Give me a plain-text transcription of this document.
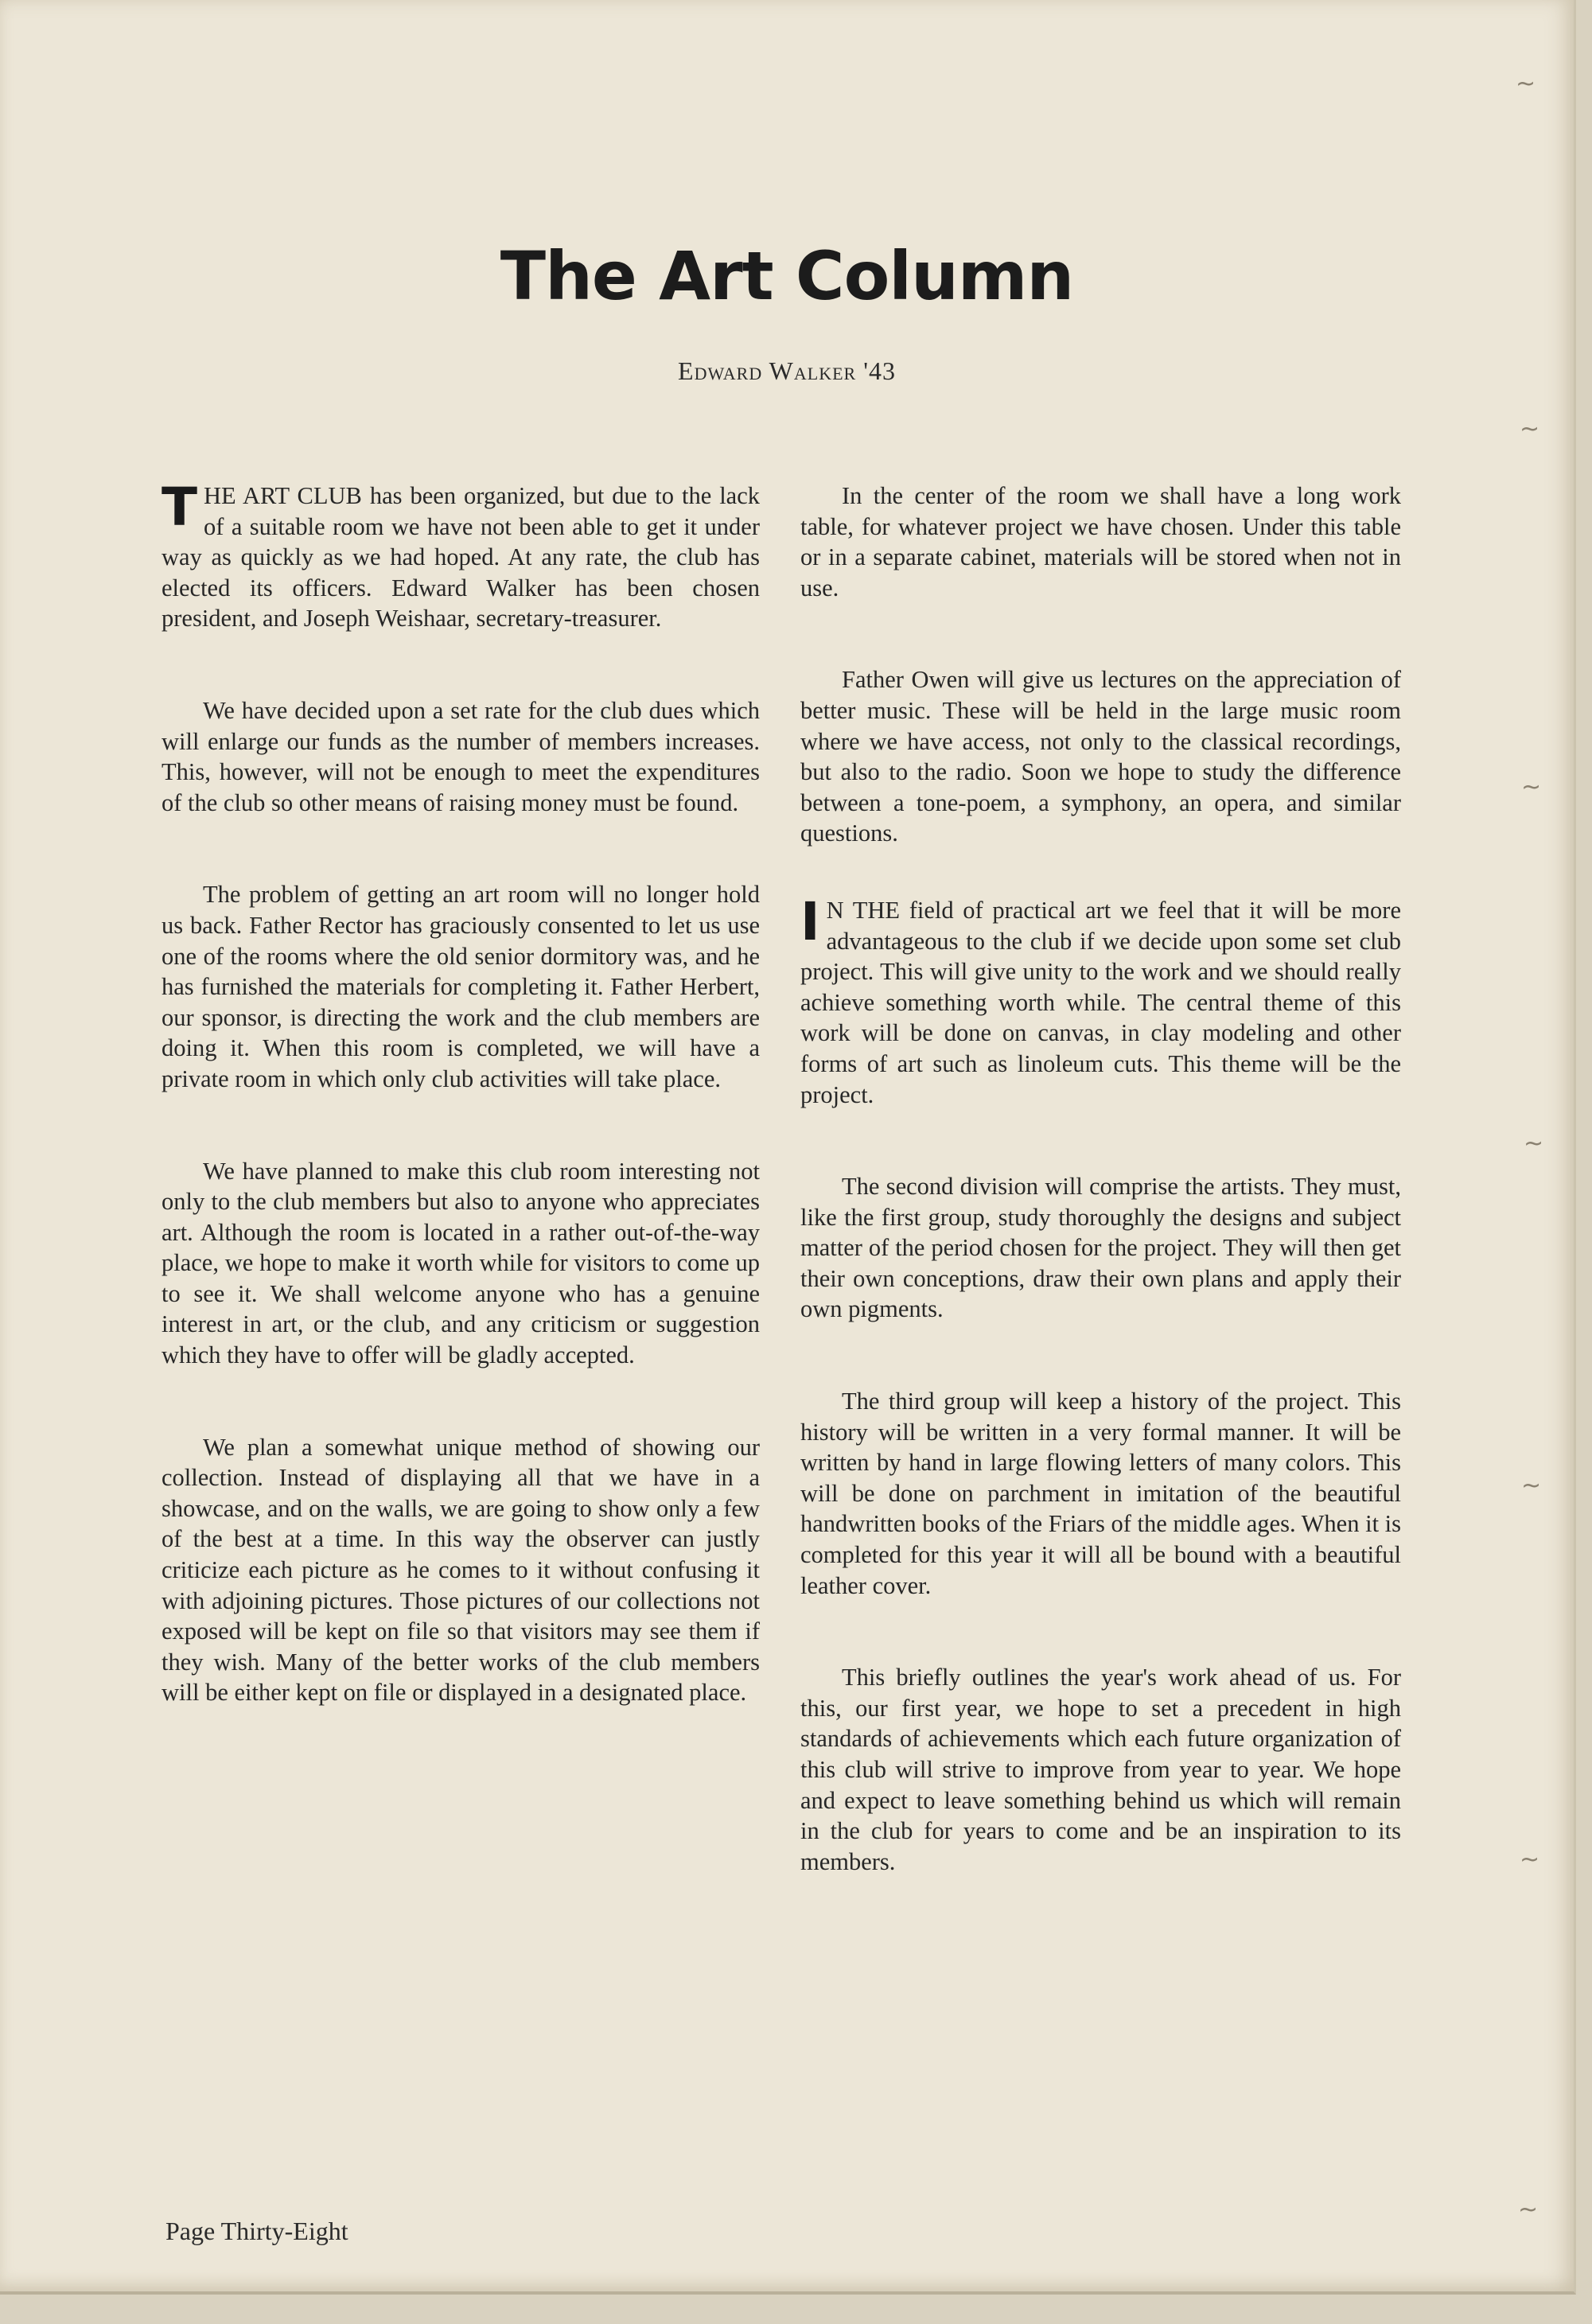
The Art Column
Edward Walker '43

THE ART CLUB has been organized, but due to the lack of a suitable room we have not been able to get it under way as quickly as we had hoped. At any rate, the club has elected its officers. Edward Walker has been chosen president, and Joseph Weishaar, secretary-treasurer.

We have decided upon a set rate for the club dues which will enlarge our funds as the number of members increases. This, however, will not be enough to meet the expenditures of the club so other means of raising money must be found.

The problem of getting an art room will no longer hold us back. Father Rector has graciously consented to let us use one of the rooms where the old senior dormitory was, and he has furnished the materials for completing it. Father Herbert, our sponsor, is directing the work and the club members are doing it. When this room is completed, we will have a private room in which only club activities will take place.

We have planned to make this club room interesting not only to the club members but also to anyone who appreciates art. Although the room is located in a rather out-of-the-way place, we hope to make it worth while for visitors to come up to see it. We shall welcome anyone who has a genuine interest in art, or the club, and any criticism or suggestion which they have to offer will be gladly accepted.

We plan a somewhat unique method of showing our collection. Instead of displaying all that we have in a showcase, and on the walls, we are going to show only a few of the best at a time. In this way the observer can justly criticize each picture as he comes to it without confusing it with adjoining pictures. Those pictures of our collections not exposed will be kept on file so that visitors may see them if they wish. Many of the better works of the club members will be either kept on file or displayed in a designated place.

In the center of the room we shall have a long work table, for whatever project we have chosen. Under this table or in a separate cabinet, materials will be stored when not in use.

Father Owen will give us lectures on the appreciation of better music. These will be held in the large music room where we have access, not only to the classical recordings, but also to the radio. Soon we hope to study the difference between a tone-poem, a symphony, an opera, and similar questions.

I N THE field of practical art we feel that it will be more advantageous to the club if we decide upon some set club project. This will give unity to the work and we should really achieve something worth while. The central theme of this work will be done on canvas, in clay modeling and other forms of art such as linoleum cuts. This theme will be the project.

The second division will comprise the artists. They must, like the first group, study thoroughly the designs and subject matter of the period chosen for the project. They will then get their own conceptions, draw their own plans and apply their own pigments.

The third group will keep a history of the project. This history will be written in a very formal manner. It will be written by hand in large flowing letters of many colors. This will be done on parchment in imitation of the beautiful handwritten books of the Friars of the middle ages. When it is completed for this year it will all be bound with a beautiful leather cover.

This briefly outlines the year's work ahead of us. For this, our first year, we hope to set a precedent in high standards of achievements which each future organization of this club will strive to improve from year to year. We hope and expect to leave something behind us which will remain in the club for years to come and be an inspiration to its members.

Page Thirty-Eight
~
~
~
~
~
~
~
